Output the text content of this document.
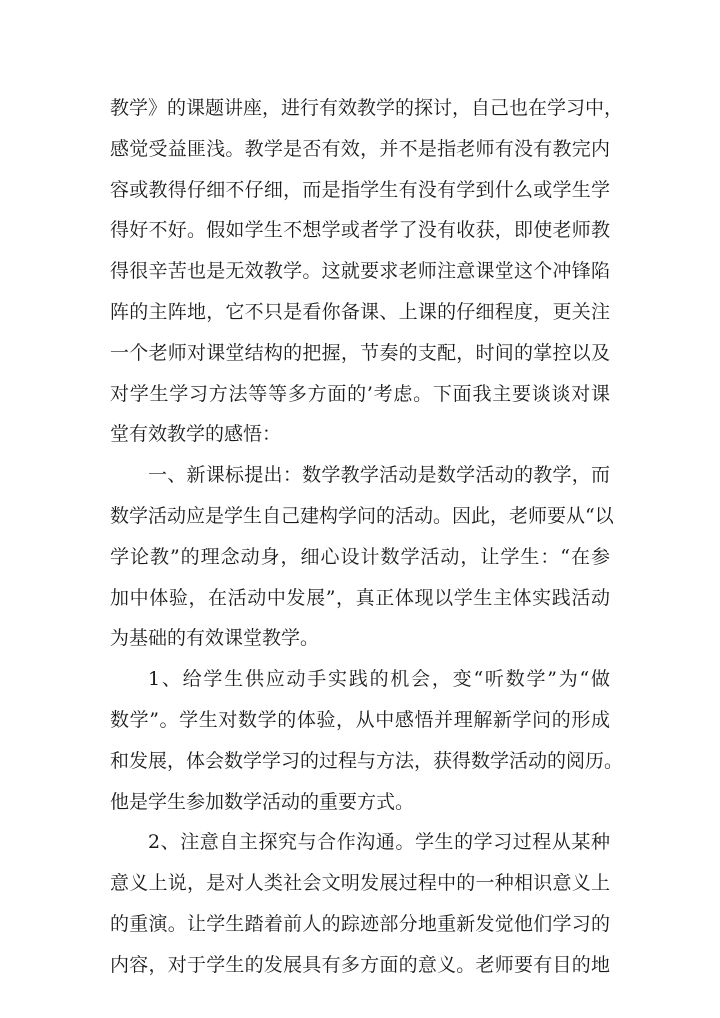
教学》的课题讲座，进行有效教学的探讨，自己也在学习中，
感觉受益匪浅。教学是否有效，并不是指老师有没有教完内
容或教得仔细不仔细，而是指学生有没有学到什么或学生学
得好不好。假如学生不想学或者学了没有收获，即使老师教
得很辛苦也是无效教学。这就要求老师注意课堂这个冲锋陷
阵的主阵地，它不只是看你备课、上课的仔细程度，更关注
一个老师对课堂结构的把握，节奏的支配，时间的掌控以及
对学生学习方法等等多方面的’考虑。下面我主要谈谈对课
堂有效教学的感悟：
一、新课标提出：数学教学活动是数学活动的教学，而
数学活动应是学生自己建构学问的活动。因此，老师要从“以
学论教”的理念动身，细心设计数学活动，让学生：“在参
加中体验，在活动中发展”，真正体现以学生主体实践活动
为基础的有效课堂教学。
1、给学生供应动手实践的机会，变“听数学”为“做
数学”。学生对数学的体验，从中感悟并理解新学问的形成
和发展，体会数学学习的过程与方法，获得数学活动的阅历。
他是学生参加数学活动的重要方式。
2、注意自主探究与合作沟通。学生的学习过程从某种
意义上说，是对人类社会文明发展过程中的一种相识意义上
的重演。让学生踏着前人的踪迹部分地重新发觉他们学习的
内容，对于学生的发展具有多方面的意义。老师要有目的地
